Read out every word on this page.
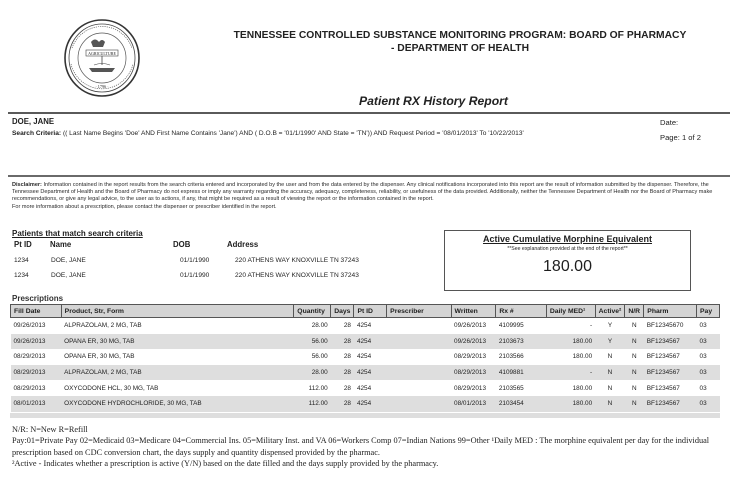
AGRICULTURE
· 1796 ·
TENNESSEE CONTROLLED SUBSTANCE MONITORING PROGRAM: BOARD OF PHARMACY
- DEPARTMENT OF HEALTH
Patient RX History Report
DOE, JANE
Search Criteria: (( Last Name Begins 'Doe' AND First Name Contains 'Jane') AND ( D.O.B = '01/1/1990' AND State = 'TN')) AND Request Period = '08/01/2013' To '10/22/2013'
Date:
Page: 1 of 2
Disclaimer: Information contained in the report results from the search criteria entered and incorporated by the user and from the data entered by the dispenser. Any clinical notifications incorporated into this report are the result of information submitted by the dispenser. Therefore, the Tennessee Department of Health and the Board of Pharmacy do not express or imply any warranty regarding the accuracy, adequacy, completeness, reliability, or usefulness of the data provided. Additionally, neither the Tennessee Department of Health nor the Board of Pharmacy make recommendations, or give any legal advice, to the user as to actions, if any, that might be required as a result of viewing the report or the information contained in the report.
For more information about a prescription, please contact the dispenser or prescriber identified in the report.
Patients that match search criteria
Pt ID Name	DOB	Address
1234	DOE, JANE	01/1/1990	220 ATHENS WAY KNOXVILLE TN 37243
1234	DOE, JANE	01/1/1990	220 ATHENS WAY KNOXVILLE TN 37243
Active Cumulative Morphine Equivalent
**See explanation provided at the end of the report**
180.00
Prescriptions
Fill Date	Product, Str, Form	Quantity	Days	Pt ID	Prescriber	Written	Rx #	Daily MED¹	Active²	N/R	Pharm	Pay
09/26/2013	ALPRAZOLAM, 2 MG, TAB	28.00	28	4254		09/26/2013	4109995	-	Y	N	BF12345670	03
09/26/2013	OPANA ER, 30 MG, TAB	56.00	28	4254		09/26/2013	2103673	180.00	Y	N	BF1234567	03
08/29/2013	OPANA ER, 30 MG, TAB	56.00	28	4254		08/29/2013	2103566	180.00	N	N	BF1234567	03
08/29/2013	ALPRAZOLAM, 2 MG, TAB	28.00	28	4254		08/29/2013	4109881	-	N	N	BF1234567	03
08/29/2013	OXYCODONE HCL, 30 MG, TAB	112.00	28	4254		08/29/2013	2103565	180.00	N	N	BF1234567	03
08/01/2013	OXYCODONE HYDROCHLORIDE, 30 MG, TAB	112.00	28	4254		08/01/2013	2103454	180.00	N	N	BF1234567	03
N/R: N=New R=Refill
Pay:01=Private Pay 02=Medicaid 03=Medicare 04=Commercial Ins. 05=Military Inst. and VA 06=Workers Comp 07=Indian Nations 99=Other ¹Daily MED : The morphine equivalent per day for the individual prescription based on CDC conversion chart, the days supply and quantity dispensed provided by the pharmac.
²Active - Indicates whether a prescription is active (Y/N) based on the date filled and the days supply provided by the pharmacy.
